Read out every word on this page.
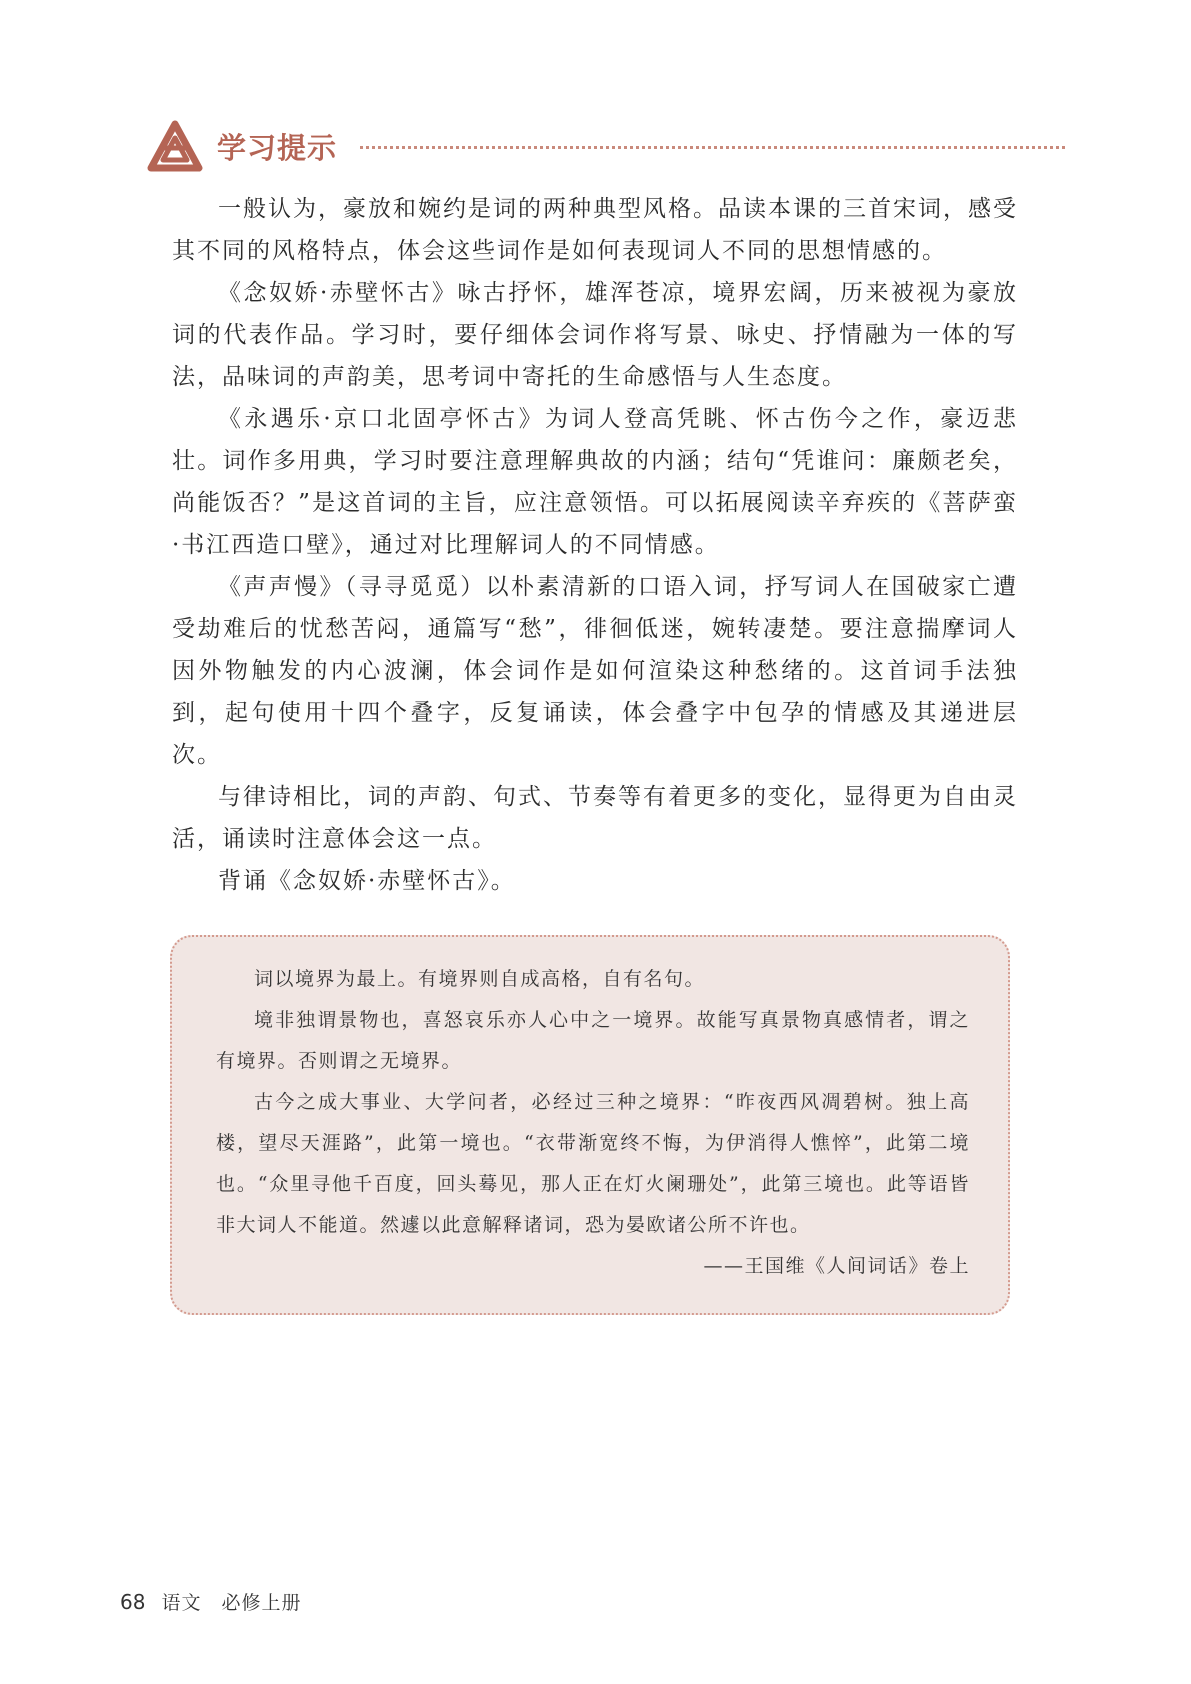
学习提示

一般认为，豪放和婉约是词的两种典型风格。品读本课的三首宋词，感受其不同的风格特点，体会这些词作是如何表现词人不同的思想情感的。

《念奴娇·赤壁怀古》咏古抒怀，雄浑苍凉，境界宏阔，历来被视为豪放词的代表作品。学习时，要仔细体会词作将写景、咏史、抒情融为一体的写法，品味词的声韵美，思考词中寄托的生命感悟与人生态度。

《永遇乐·京口北固亭怀古》为词人登高凭眺、怀古伤今之作，豪迈悲壮。词作多用典，学习时要注意理解典故的内涵；结句“凭谁问：廉颇老矣，尚能饭否？”是这首词的主旨，应注意领悟。可以拓展阅读辛弃疾的《菩萨蛮·书江西造口壁》，通过对比理解词人的不同情感。

《声声慢》（寻寻觅觅）以朴素清新的口语入词，抒写词人在国破家亡遭受劫难后的忧愁苦闷，通篇写“愁”，徘徊低迷，婉转凄楚。要注意揣摩词人因外物触发的内心波澜，体会词作是如何渲染这种愁绪的。这首词手法独到，起句使用十四个叠字，反复诵读，体会叠字中包孕的情感及其递进层次。

与律诗相比，词的声韵、句式、节奏等有着更多的变化，显得更为自由灵活，诵读时注意体会这一点。

背诵《念奴娇·赤壁怀古》。

词以境界为最上。有境界则自成高格，自有名句。

境非独谓景物也，喜怒哀乐亦人心中之一境界。故能写真景物真感情者，谓之有境界。否则谓之无境界。

古今之成大事业、大学问者，必经过三种之境界：“昨夜西风凋碧树。独上高楼，望尽天涯路”，此第一境也。“衣带渐宽终不悔，为伊消得人憔悴”，此第二境也。“众里寻他千百度，回头蓦见，那人正在灯火阑珊处”，此第三境也。此等语皆非大词人不能道。然遽以此意解释诸词，恐为晏欧诸公所不许也。

——王国维《人间词话》卷上

68 语文　必修上册
